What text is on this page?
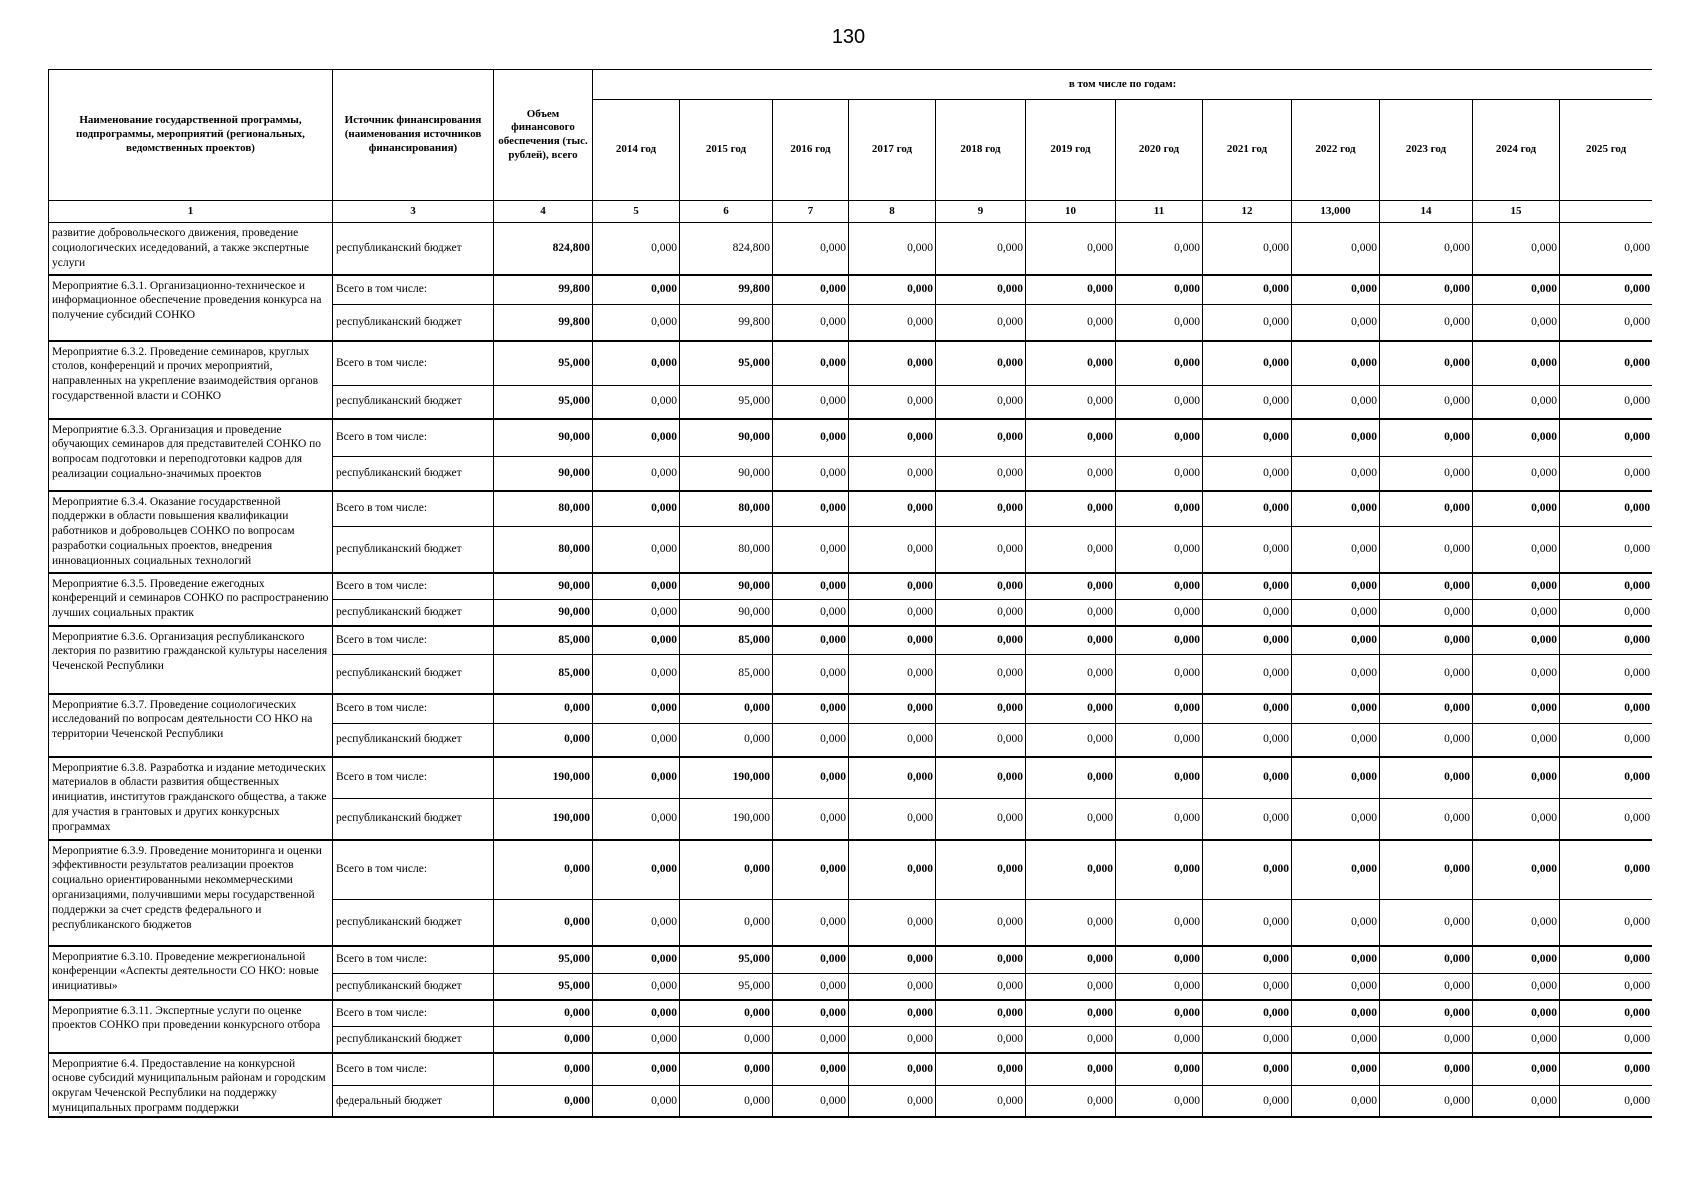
130
Наименование государственной программы, подпрограммы, мероприятий (региональных, ведомственных проектов)	Источник финансирования (наименования источников финансирования)	Объем финансового обеспечения (тыс. рублей), всего	в том числе по годам:											
			2014 год	2015 год	2016 год	2017 год	2018 год	2019 год	2020 год	2021 год	2022 год	2023 год	2024 год	2025 год
1	3	4	5	6	7	8	9	10	11	12	13,000	14	15	
развитие добровольческого движения, проведение социологических иседедований, а также экспертные услуги	республиканский бюджет	824,800	0,000	824,800	0,000	0,000	0,000	0,000	0,000	0,000	0,000	0,000	0,000	0,000
Мероприятие 6.3.1. Организационно-техническое и информационное обеспечение проведения конкурса на получение субсидий СОНКО	Всего в том числе:	99,800	0,000	99,800	0,000	0,000	0,000	0,000	0,000	0,000	0,000	0,000	0,000	0,000
	республиканский бюджет	99,800	0,000	99,800	0,000	0,000	0,000	0,000	0,000	0,000	0,000	0,000	0,000	0,000
Мероприятие 6.3.2. Проведение семинаров, круглых столов, конференций и прочих мероприятий, направленных на укрепление взаимодействия органов государственной власти и СОНКО	Всего в том числе:	95,000	0,000	95,000	0,000	0,000	0,000	0,000	0,000	0,000	0,000	0,000	0,000	0,000
	республиканский бюджет	95,000	0,000	95,000	0,000	0,000	0,000	0,000	0,000	0,000	0,000	0,000	0,000	0,000
Мероприятие 6.3.3. Организация и проведение обучающих семинаров для представителей СОНКО по вопросам подготовки и переподготовки кадров для реализации социально-значимых проектов	Всего в том числе:	90,000	0,000	90,000	0,000	0,000	0,000	0,000	0,000	0,000	0,000	0,000	0,000	0,000
	республиканский бюджет	90,000	0,000	90,000	0,000	0,000	0,000	0,000	0,000	0,000	0,000	0,000	0,000	0,000
Мероприятие 6.3.4. Оказание государственной поддержки в области повышения квалификации работников и добровольцев СОНКО по вопросам разработки социальных проектов, внедрения инновационных социальных технологий	Всего в том числе:	80,000	0,000	80,000	0,000	0,000	0,000	0,000	0,000	0,000	0,000	0,000	0,000	0,000
	республиканский бюджет	80,000	0,000	80,000	0,000	0,000	0,000	0,000	0,000	0,000	0,000	0,000	0,000	0,000
Мероприятие 6.3.5. Проведение ежегодных конференций и семинаров СОНКО по распространению лучших социальных практик	Всего в том числе:	90,000	0,000	90,000	0,000	0,000	0,000	0,000	0,000	0,000	0,000	0,000	0,000	0,000
	республиканский бюджет	90,000	0,000	90,000	0,000	0,000	0,000	0,000	0,000	0,000	0,000	0,000	0,000	0,000
Мероприятие 6.3.6. Организация республиканского лектория по развитию гражданской культуры населения Чеченской Республики	Всего в том числе:	85,000	0,000	85,000	0,000	0,000	0,000	0,000	0,000	0,000	0,000	0,000	0,000	0,000
	республиканский бюджет	85,000	0,000	85,000	0,000	0,000	0,000	0,000	0,000	0,000	0,000	0,000	0,000	0,000
Мероприятие 6.3.7. Проведение социологических исследований по вопросам деятельности СО НКО на территории Чеченской Республики	Всего в том числе:	0,000	0,000	0,000	0,000	0,000	0,000	0,000	0,000	0,000	0,000	0,000	0,000	0,000
	республиканский бюджет	0,000	0,000	0,000	0,000	0,000	0,000	0,000	0,000	0,000	0,000	0,000	0,000	0,000
Мероприятие 6.3.8. Разработка и издание методических материалов в области развития общественных инициатив, институтов гражданского общества, а также для участия в грантовых и других конкурсных программах	Всего в том числе:	190,000	0,000	190,000	0,000	0,000	0,000	0,000	0,000	0,000	0,000	0,000	0,000	0,000
	республиканский бюджет	190,000	0,000	190,000	0,000	0,000	0,000	0,000	0,000	0,000	0,000	0,000	0,000	0,000
Мероприятие 6.3.9. Проведение мониторинга и оценки эффективности результатов реализации проектов социально ориентированными некоммерческими организациями, получившими меры государственной поддержки за счет средств федерального и республиканского бюджетов	Всего в том числе:	0,000	0,000	0,000	0,000	0,000	0,000	0,000	0,000	0,000	0,000	0,000	0,000	0,000
	республиканский бюджет	0,000	0,000	0,000	0,000	0,000	0,000	0,000	0,000	0,000	0,000	0,000	0,000	0,000
Мероприятие 6.3.10. Проведение межрегиональной конференции «Аспекты деятельности СО НКО: новые инициативы»	Всего в том числе:	95,000	0,000	95,000	0,000	0,000	0,000	0,000	0,000	0,000	0,000	0,000	0,000	0,000
	республиканский бюджет	95,000	0,000	95,000	0,000	0,000	0,000	0,000	0,000	0,000	0,000	0,000	0,000	0,000
Мероприятие 6.3.11. Экспертные услуги по оценке проектов СОНКО при проведении конкурсного отбора	Всего в том числе:	0,000	0,000	0,000	0,000	0,000	0,000	0,000	0,000	0,000	0,000	0,000	0,000	0,000
	республиканский бюджет	0,000	0,000	0,000	0,000	0,000	0,000	0,000	0,000	0,000	0,000	0,000	0,000	0,000
Мероприятие 6.4. Предоставление на конкурсной основе субсидий муниципальным районам и городским округам Чеченской Республики на поддержку муниципальных программ поддержки	Всего в том числе:	0,000	0,000	0,000	0,000	0,000	0,000	0,000	0,000	0,000	0,000	0,000	0,000	0,000
	федеральный бюджет	0,000	0,000	0,000	0,000	0,000	0,000	0,000	0,000	0,000	0,000	0,000	0,000	0,000
